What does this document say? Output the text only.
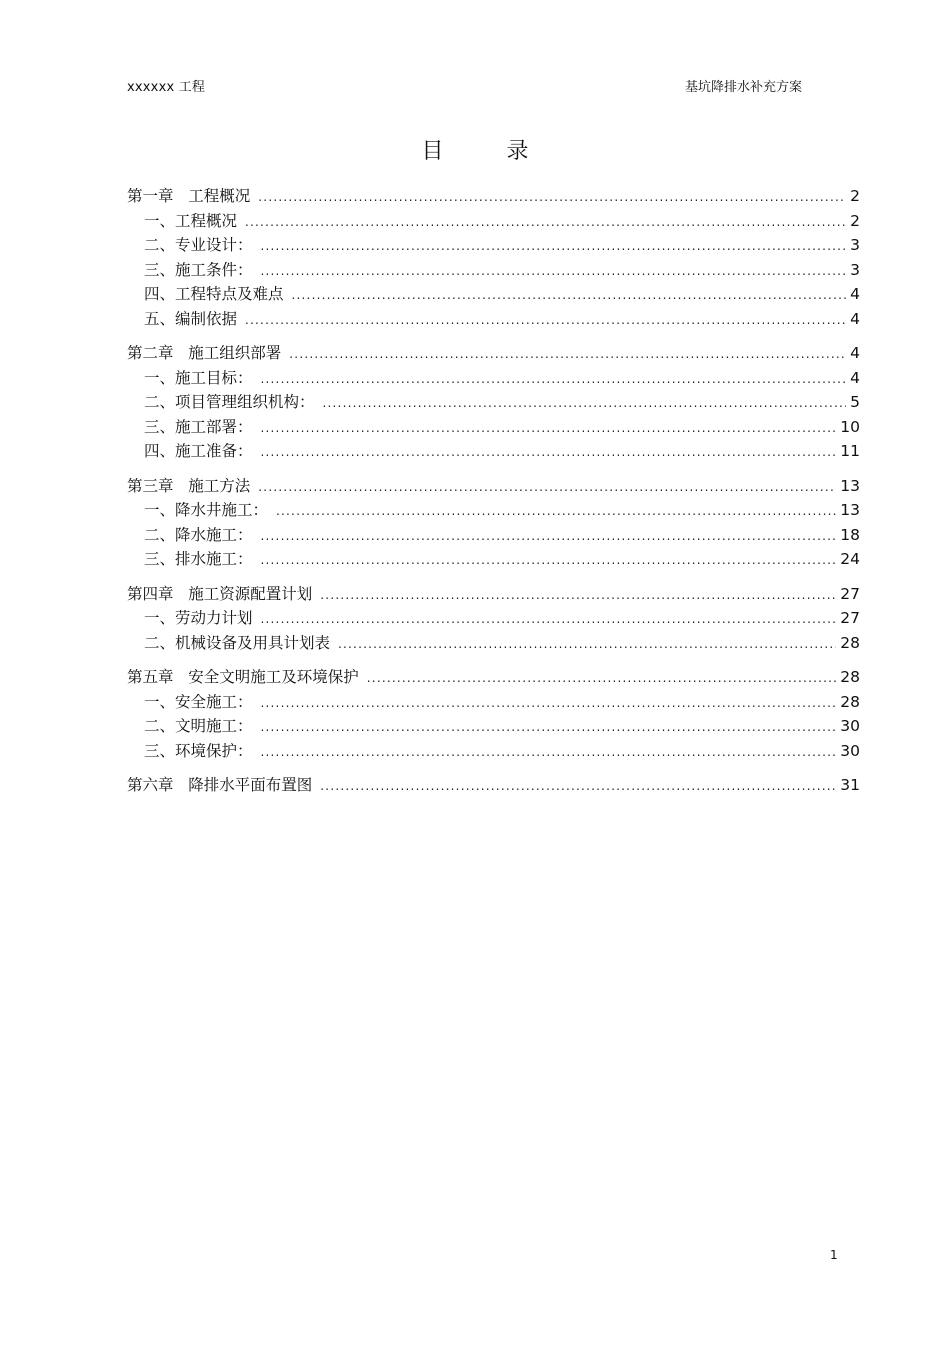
xxxxxx 工程	基坑降排水补充方案
目 录
第一章   工程概况 .....	2
一、工程概况 .....	2
二、专业设计： .....	3
三、施工条件： .....	3
四、工程特点及难点 .....	4
五、编制依据 .....	4
第二章   施工组织部署 .....	4
一、施工目标： .....	4
二、项目管理组织机构： .....	5
三、施工部署： .....	10
四、施工准备： .....	11
第三章   施工方法 .....	13
一、降水井施工： .....	13
二、降水施工： .....	18
三、排水施工： .....	24
第四章   施工资源配置计划 .....	27
一、劳动力计划 .....	27
二、机械设备及用具计划表 .....	28
第五章   安全文明施工及环境保护 .....	28
一、安全施工： .....	28
二、文明施工： .....	30
三、环境保护： .....	30
第六章   降排水平面布置图 .....	31
1
